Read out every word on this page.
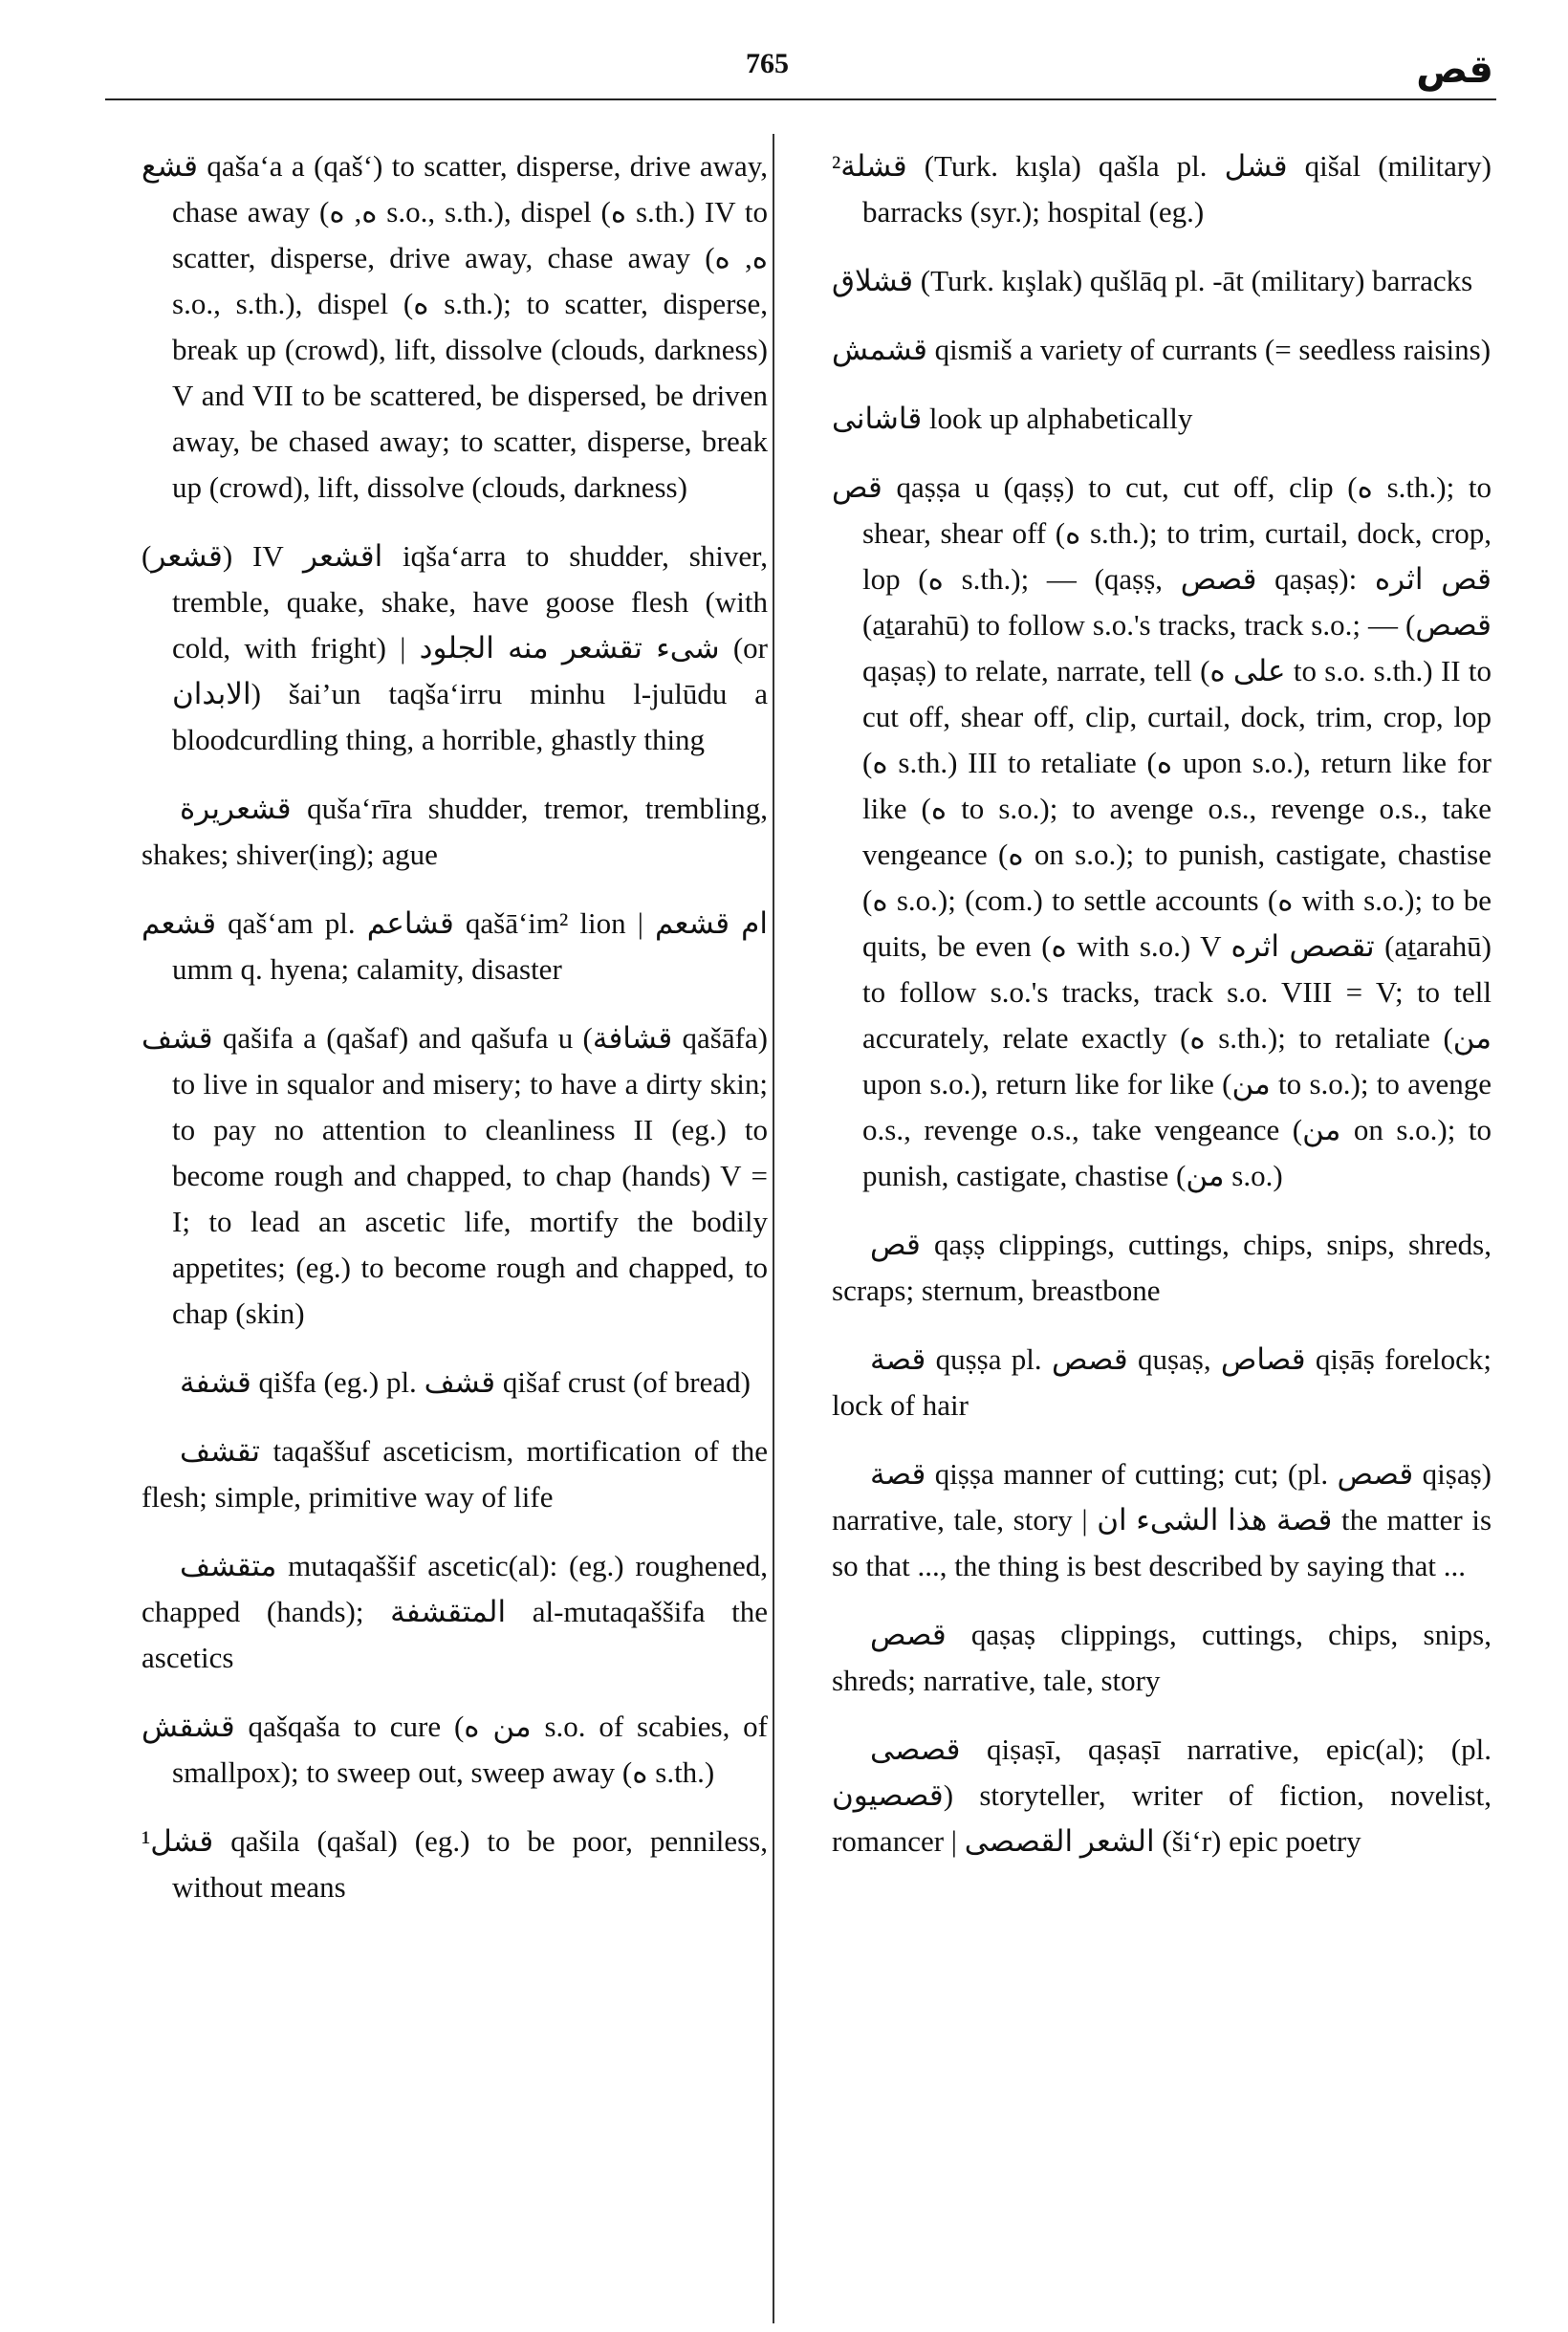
765	قص

قشع qaša‘a a (qaš‘) to scatter, disperse, drive away, chase away (ه, ه s.o., s.th.), dispel (ه s.th.) IV to scatter, disperse, drive away, chase away (ه, ه s.o., s.th.), dispel (ه s.th.); to scatter, disperse, break up (crowd), lift, dissolve (clouds, darkness) V and VII to be scattered, be dispersed, be driven away, be chased away; to scatter, disperse, break up (crowd), lift, dissolve (clouds, darkness)

(قشعر) IV اقشعر iqša‘arra to shudder, shiver, tremble, quake, shake, have goose flesh (with cold, with fright) | شىء تقشعر منه الجلود (or الابدان) šai’un taqša‘irru minhu l-julūdu a bloodcurdling thing, a horrible, ghastly thing

قشعريرة quša‘rīra shudder, tremor, trembling, shakes; shiver(ing); ague

قشعم qaš‘am pl. قشاعم qašā‘im² lion | ام قشعم umm q. hyena; calamity, disaster

قشف qašifa a (qašaf) and qašufa u (قشافة qašāfa) to live in squalor and misery; to have a dirty skin; to pay no attention to cleanliness II (eg.) to become rough and chapped, to chap (hands) V = I; to lead an ascetic life, mortify the bodily appetites; (eg.) to become rough and chapped, to chap (skin)

قشفة qišfa (eg.) pl. قشف qišaf crust (of bread)

تقشف taqaššuf asceticism, mortification of the flesh; simple, primitive way of life

متقشف mutaqaššif ascetic(al): (eg.) roughened, chapped (hands); المتقشفة al-mutaqaššifa the ascetics

قشقش qašqaša to cure (من ه s.o. of scabies, of smallpox); to sweep out, sweep away (ه s.th.)

¹قشل qašila (qašal) (eg.) to be poor, penniless, without means

²قشلة (Turk. kışla) qašla pl. قشل qišal (military) barracks (syr.); hospital (eg.)

قشلاق (Turk. kışlak) qušlāq pl. -āt (military) barracks

قشمش qismiš a variety of currants (= seedless raisins)

قاشانى look up alphabetically

قص qaṣṣa u (qaṣṣ) to cut, cut off, clip (ه s.th.); to shear, shear off (ه s.th.); to trim, curtail, dock, crop, lop (ه s.th.); — (qaṣṣ, قصص qaṣaṣ): قص اثره (aṯarahū) to follow s.o.'s tracks, track s.o.; — (قصص qaṣaṣ) to relate, narrate, tell (على ه to s.o. s.th.) II to cut off, shear off, clip, curtail, dock, trim, crop, lop (ه s.th.) III to retaliate (ه upon s.o.), return like for like (ه to s.o.); to avenge o.s., revenge o.s., take vengeance (ه on s.o.); to punish, castigate, chastise (ه s.o.); (com.) to settle accounts (ه with s.o.); to be quits, be even (ه with s.o.) V تقصص اثره (aṯarahū) to follow s.o.'s tracks, track s.o. VIII = V; to tell accurately, relate exactly (ه s.th.); to retaliate (من upon s.o.), return like for like (من to s.o.); to avenge o.s., revenge o.s., take vengeance (من on s.o.); to punish, castigate, chastise (من s.o.)

قص qaṣṣ clippings, cuttings, chips, snips, shreds, scraps; sternum, breastbone

قصة quṣṣa pl. قصص quṣaṣ, قصاص qiṣāṣ forelock; lock of hair

قصة qiṣṣa manner of cutting; cut; (pl. قصص qiṣaṣ) narrative, tale, story | قصة هذا الشىء ان the matter is so that ..., the thing is best described by saying that ...

قصص qaṣaṣ clippings, cuttings, chips, snips, shreds; narrative, tale, story

قصصى qiṣaṣī, qaṣaṣī narrative, epic(al); (pl. قصصيون) storyteller, writer of fiction, novelist, romancer | الشعر القصصى (ši‘r) epic poetry
